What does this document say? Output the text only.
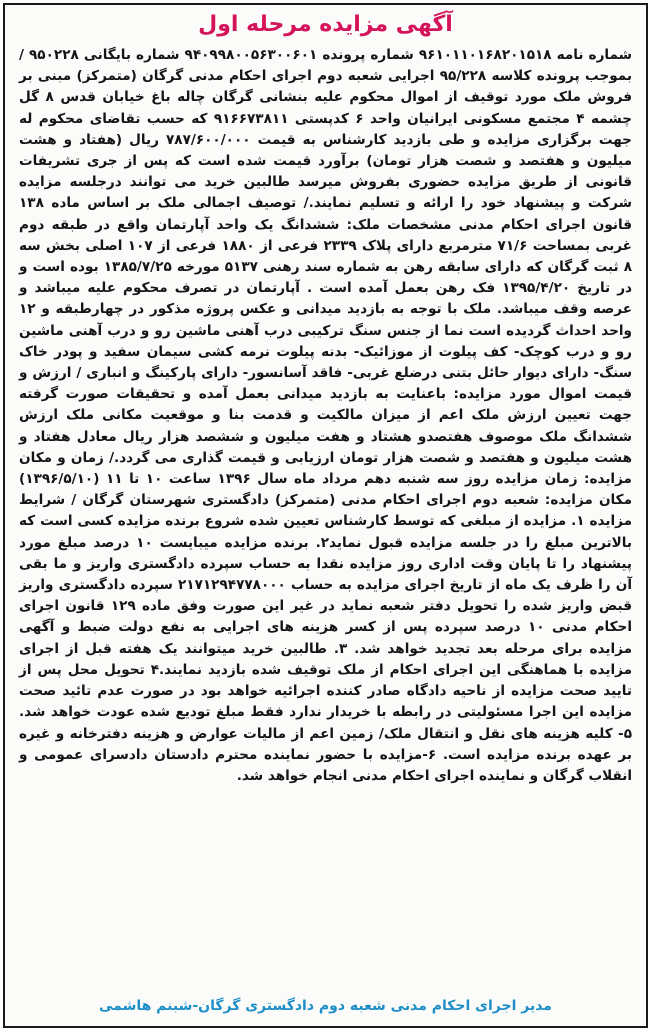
آگهی مزایده مرحله اول

شماره نامه ۹۶۱۰۱۱۰۱۶۸۲۰۱۵۱۸ شماره پرونده ۹۴۰۹۹۸۰۰۵۶۳۰۰۶۰۱ شماره بایگانی ۹۵۰۲۲۸ / بموجب پرونده کلاسه ۹۵/۲۲۸ اجرایی شعبه دوم اجرای احکام مدنی گرگان (متمرکز) مبنی بر فروش ملک مورد توقیف از اموال محکوم علیه بنشانی گرگان چاله باغ خیابان قدس ۸ گل چشمه ۴ مجتمع مسکونی ایرانیان واحد ۶ کدپستی ۹۱۶۶۷۳۸۱۱ که حسب تقاضای محکوم له جهت برگزاری مزایده و طی بازدید کارشناس به قیمت ۷۸۷/۶۰۰/۰۰۰ ریال (هفتاد و هشت میلیون و هفتصد و شصت هزار تومان) برآورد قیمت شده است که پس از جری تشریفات قانونی از طریق مزایده حضوری بفروش میرسد طالبین خرید می توانند درجلسه مزایده شرکت و پیشنهاد خود را ارائه و تسلیم نمایند./ توصیف اجمالی ملک بر اساس ماده ۱۳۸ قانون اجرای احکام مدنی مشخصات ملک: ششدانگ یک واحد آپارتمان واقع در طبقه دوم غربی بمساحت ۷۱/۶ مترمربع دارای پلاک ۲۳۳۹ فرعی از ۱۸۸۰ فرعی از ۱۰۷ اصلی بخش سه ۸ ثبت گرگان که دارای سابقه رهن به شماره سند رهنی ۵۱۳۷ مورخه ۱۳۸۵/۷/۲۵ بوده است و در تاریخ ۱۳۹۵/۴/۲۰ فک رهن بعمل آمده است . آپارتمان در تصرف محکوم علیه میباشد و عرصه وقف میباشد. ملک با توجه به بازدید میدانی و عکس پروژه مذکور در چهارطبقه و ۱۲ واحد احداث گردیده است نما از جنس سنگ ترکیبی درب آهنی ماشین رو و درب آهنی ماشین رو و درب کوچک- کف پیلوت از موزائیک- بدنه پیلوت نرمه کشی سیمان سفید و پودر خاک سنگ- دارای دیوار حائل بتنی درضلع غربی- فاقد آسانسور- دارای پارکینگ و انباری / ارزش و قیمت اموال مورد مزایده: باعنایت به بازدید میدانی بعمل آمده و تحقیقات صورت گرفته جهت تعیین ارزش ملک اعم از میزان مالکیت و قدمت بنا و موقعیت مکانی ملک ارزش ششدانگ ملک موصوف هفتصدو هشتاد و هفت میلیون و ششصد هزار ریال معادل هفتاد و هشت میلیون و هفتصد و شصت هزار تومان ارزیابی و قیمت گذاری می گردد./ زمان و مکان مزایده: زمان مزایده روز سه شنبه دهم مرداد ماه سال ۱۳۹۶ ساعت ۱۰ تا ۱۱ (۱۳۹۶/۵/۱۰) مکان مزایده: شعبه دوم اجرای احکام مدنی (متمرکز) دادگستری شهرستان گرگان / شرایط مزایده ۱. مزایده از مبلغی که توسط کارشناس تعیین شده شروع برنده مزایده کسی است که بالاترین مبلغ را در جلسه مزایده قبول نماید۲. برنده مزایده میبایست ۱۰ درصد مبلغ مورد پیشنهاد را تا پایان وقت اداری روز مزایده نقدا به حساب سپرده دادگستری واریز و ما بقی آن را ظرف یک ماه از تاریخ اجرای مزایده به حساب ۲۱۷۱۲۹۴۷۷۸۰۰۰ سپرده دادگستری واریز قبض واریز شده را تحویل دفتر شعبه نماید در غیر این صورت وفق ماده ۱۲۹ قانون اجرای احکام مدنی ۱۰ درصد سپرده پس از کسر هزینه های اجرایی به نفع دولت ضبط و آگهی مزایده برای مرحله بعد تجدید خواهد شد. ۳. طالبین خرید میتوانند یک هفته قبل از اجرای مزایده با هماهنگی این اجرای احکام از ملک توقیف شده بازدید نمایند.۴ تحویل محل پس از تایید صحت مزایده از ناحیه دادگاه صادر کننده اجرائیه خواهد بود در صورت عدم تائید صحت مزایده این اجرا مسئولیتی در رابطه با خریدار ندارد فقط مبلغ تودیع شده عودت خواهد شد. ۵- کلیه هزینه های نقل و انتقال ملک/ زمین اعم از مالیات عوارض و هزینه دفترخانه و غیره بر عهده برنده مزایده است. ۶-مزایده با حضور نماینده محترم دادستان دادسرای عمومی و انقلاب گرگان و نماینده اجرای احکام مدنی انجام خواهد شد.

مدیر اجرای احکام مدنی شعبه دوم دادگستری گرگان-شبنم هاشمی
